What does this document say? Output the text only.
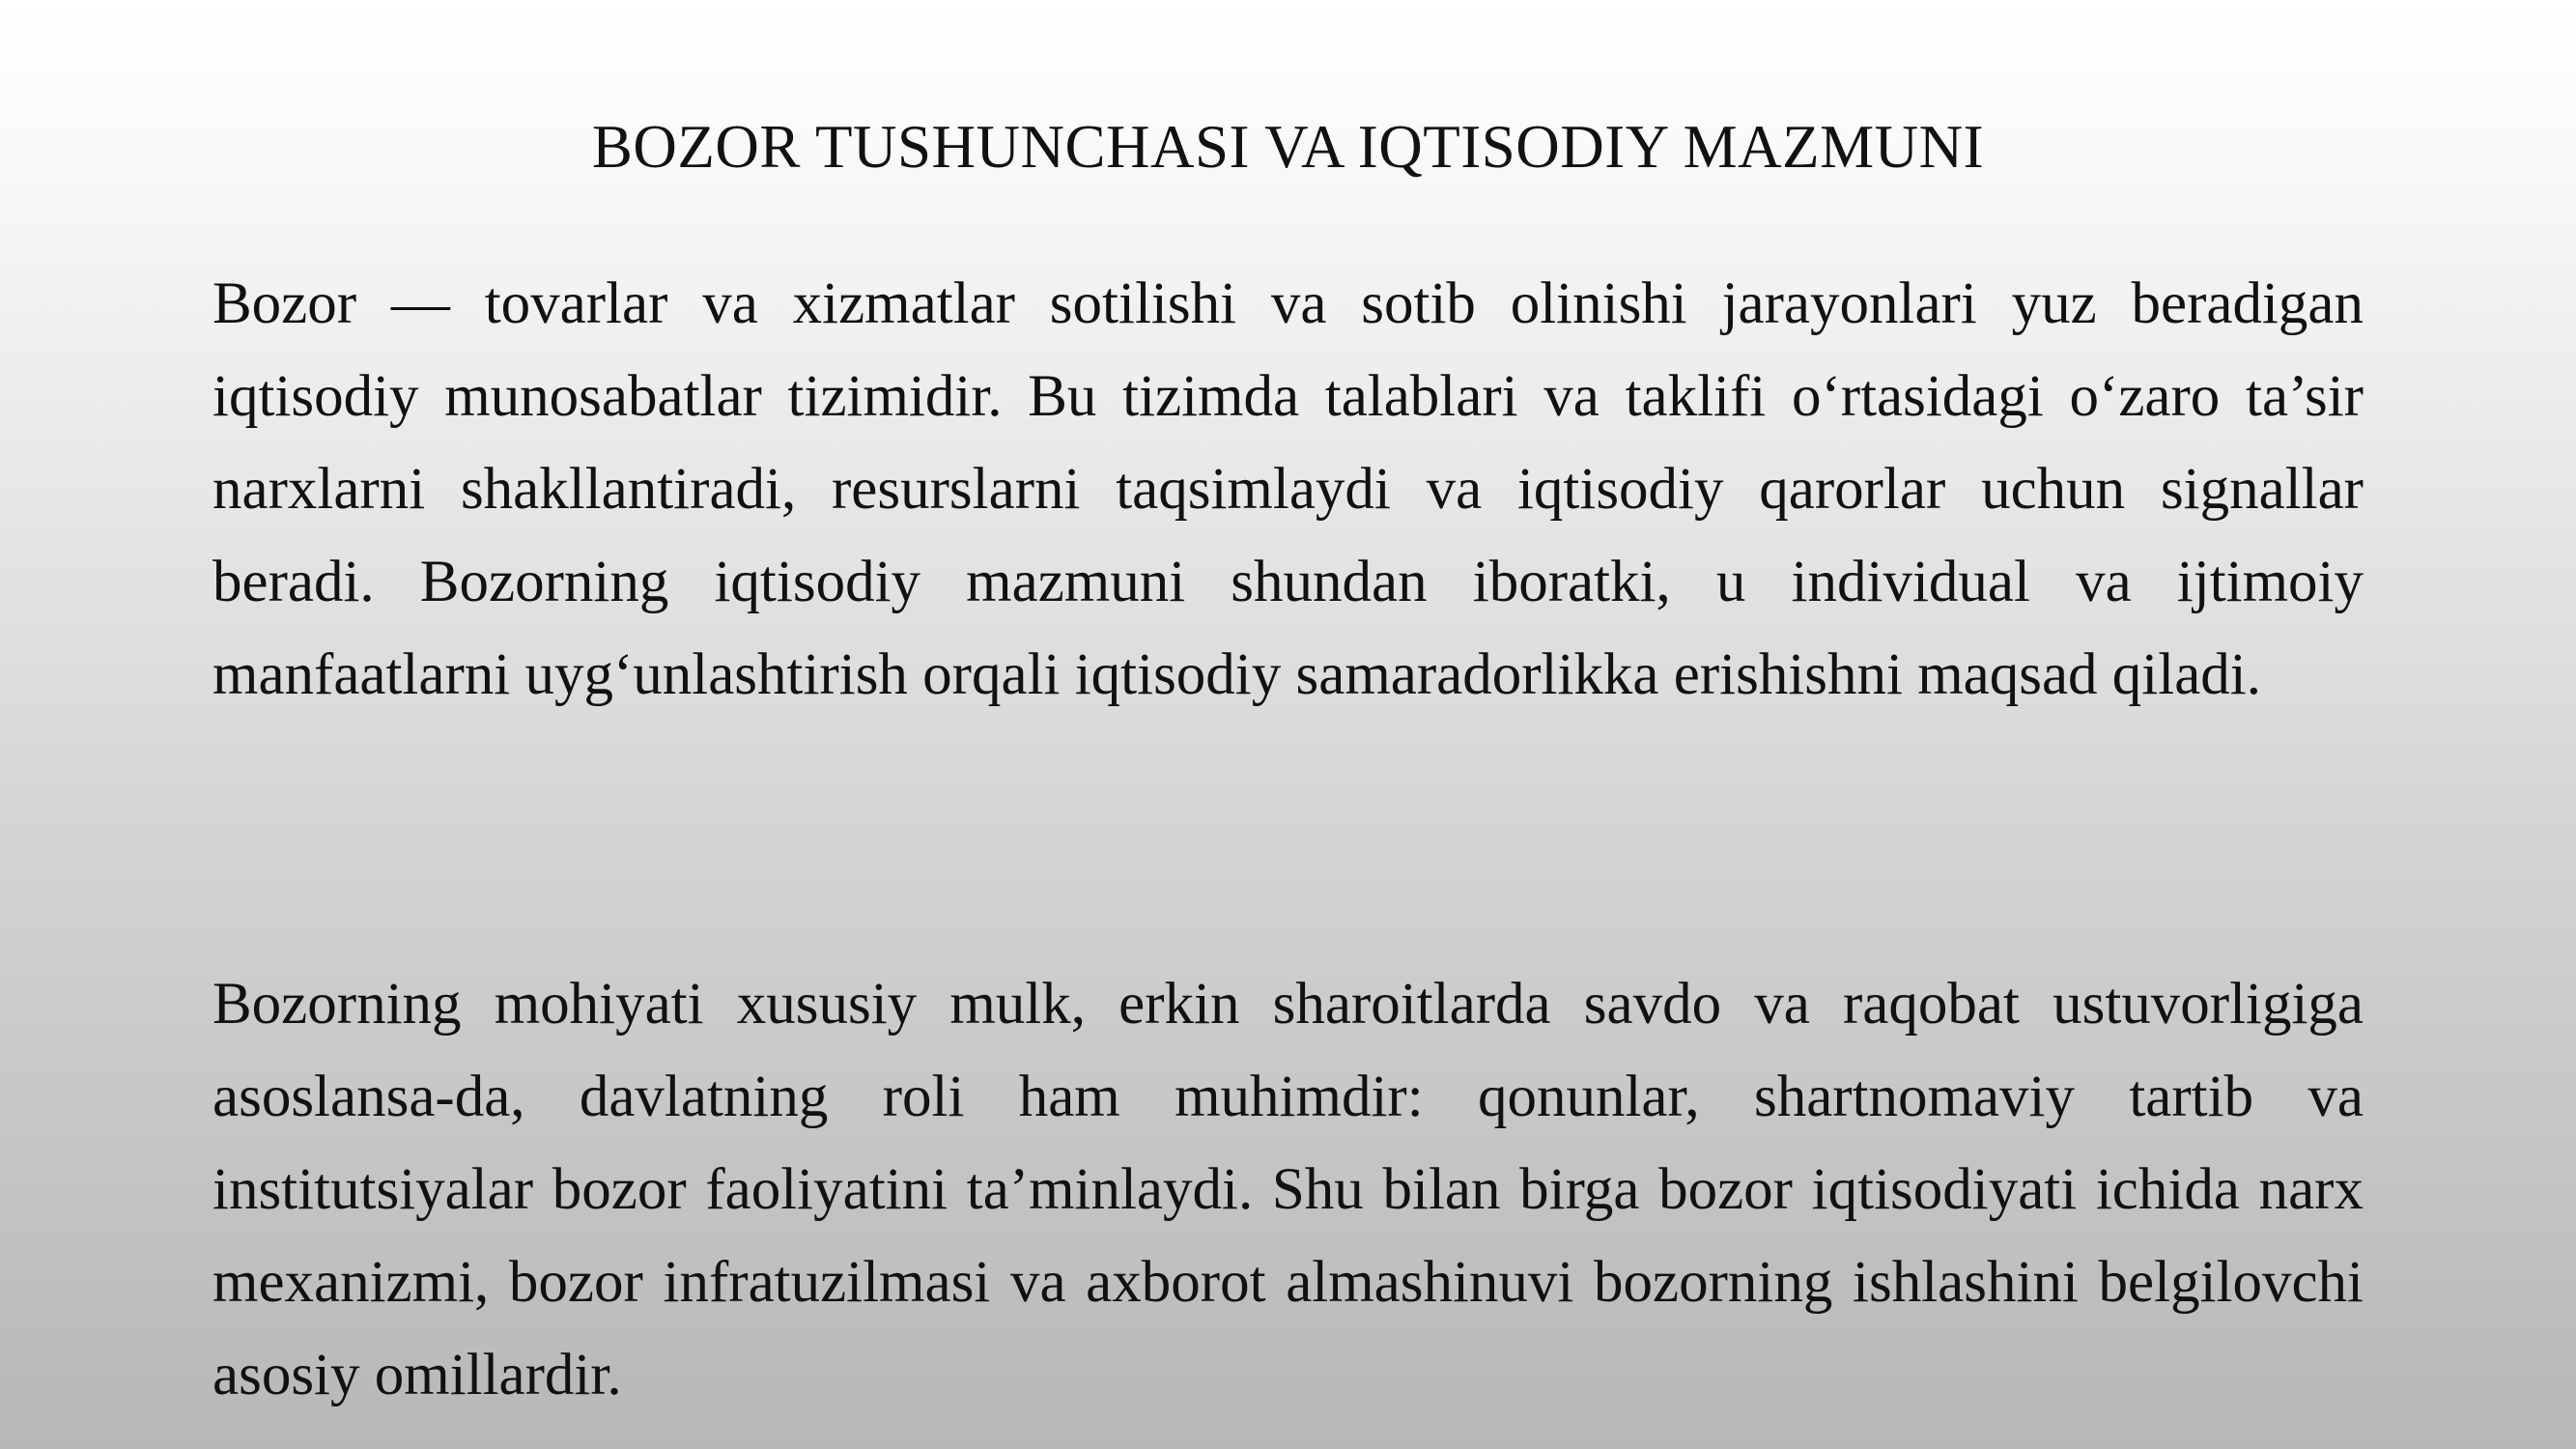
BOZOR TUSHUNCHASI VA IQTISODIY MAZMUNI

Bozor — tovarlar va xizmatlar sotilishi va sotib olinishi jarayonlari yuz beradigan iqtisodiy munosabatlar tizimidir. Bu tizimda talablari va taklifi o‘rtasidagi o‘zaro ta’sir narxlarni shakllantiradi, resurslarni taqsimlaydi va iqtisodiy qarorlar uchun signallar beradi. Bozorning iqtisodiy mazmuni shundan iboratki, u individual va ijtimoiy manfaatlarni uyg‘unlashtirish orqali iqtisodiy samaradorlikka erishishni maqsad qiladi.

Bozorning mohiyati xususiy mulk, erkin sharoitlarda savdo va raqobat ustuvorligiga asoslansa-da, davlatning roli ham muhimdir: qonunlar, shartnomaviy tartib va institutsiyalar bozor faoliyatini ta’minlaydi. Shu bilan birga bozor iqtisodiyati ichida narx mexanizmi, bozor infratuzilmasi va axborot almashinuvi bozorning ishlashini belgilovchi asosiy omillardir.
